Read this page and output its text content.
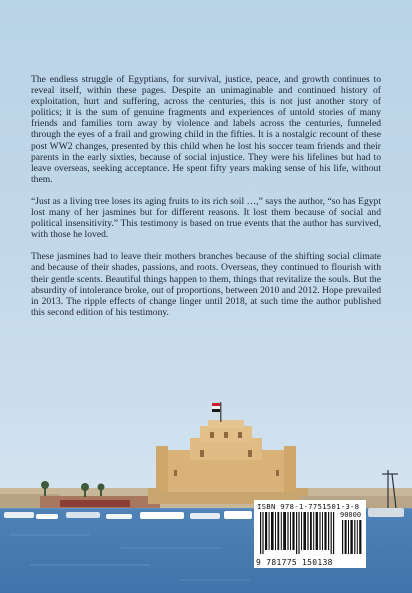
The endless struggle of Egyptians, for survival, justice, peace, and growth continues to reveal itself, within these pages. Despite an unimaginable and continued history of exploitation, hurt and suffering, across the centuries, this is not just another story of politics; it is the sum of genuine fragments and experiences of untold stories of many friends and families torn away by violence and labels across the centuries, funneled through the eyes of a frail and growing child in the fifties. It is a nostalgic recount of these post WW2 changes, presented by this child when he lost his soccer team friends and their parents in the early sixties, because of social injustice. They were his lifelines but had to leave overseas, seeking acceptance. He spent fifty years making sense of his life, without them.

“Just as a living tree loses its aging fruits to its rich soil …,” says the author, “so has Egypt lost many of her jasmines but for different reasons. It lost them because of social and political insensitivity.” This testimony is based on true events that the author has survived, with those he loved.

These jasmines had to leave their mothers branches because of the shifting social climate and because of their shades, passions, and roots. Overseas, they continued to flourish with their gentle scents. Beautiful things happen to them, things that revitalize the souls. But the absurdity of intolerance broke, out of proportions, between 2010 and 2012. Hope prevailed in 2013. The ripple effects of change linger until 2018, at such time the author published this second edition of his testimony.

ISBN 978-1-7751501-3-8
90000
9 781775 150138
